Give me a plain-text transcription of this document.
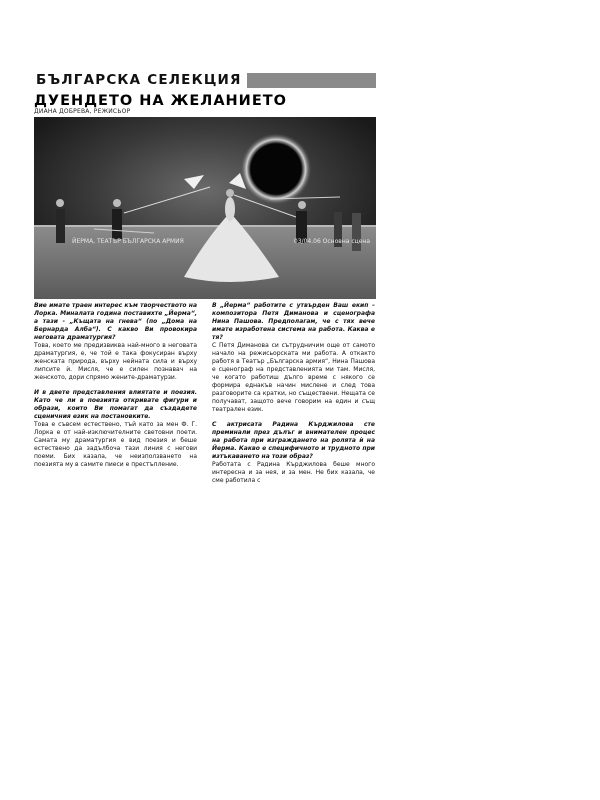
БЪЛГАРСКА СЕЛЕКЦИЯ
ДУЕНДЕТО НА ЖЕЛАНИЕТО
ДИАНА ДОБРЕВА, РЕЖИСЬОР
ЙЕРМА, ТЕАТЪР БЪЛГАРСКА АРМИЯ	03/04.06 Основна сцена

Вие имате траен интерес към творчеството на Лорка. Миналата година поставихте „Йерма“, а тази - „Къщата на гнева“ (по „Дома на Бернарда Алба“). С какво Ви провокира неговата драматургия?

Това, което ме предизвиква най-много в неговата драматургия, е, че той е така фокусиран върху женската природа, върху нейната сила и върху липсите ѝ. Мисля, че е силен познавач на женското, дори спрямо жените-драматурзи.

И в двете представления влиятате и поезия. Като че ли в поезията откривате фигури и образи, които Ви помагат да създадете сценичния език на постановките.

Това е съвсем естествено, тъй като за мен Ф. Г. Лорка е от най-изключителните световни поети. Самата му драматургия е вид поезия и беше естествено да задълбоча тази линия с негови поеми. Бих казала, че неизползването на поезията му в самите пиеси е престъпление.

В „Йерма“ работите с утвърден Ваш екип – композитора Петя Диманова и сценографа Нина Пашова. Предполагам, че с тях вече имате изработена система на работа. Каква е тя?

С Петя Диманова си сътрудничим още от самото начало на режисьорската ми работа. А откакто работя в Театър „Българска армия“, Нина Пашова е сценограф на представленията ми там. Мисля, че когато работиш дълго време с някого се формира еднакъв начин мислене и след това разговорите са кратки, но съществени. Нещата се получават, защото вече говорим на един и същ театрален език.

С актрисата Радина Кърджилова сте преминали през дълъг и внимателен процес на работа при изграждането на ролята ѝ на Йерма. Какво е специфичното и трудното при изтъкаването на този образ?

Работата с Радина Кърджилова беше много интересна и за нея, и за мен. Не бих казала, че сме работила с
